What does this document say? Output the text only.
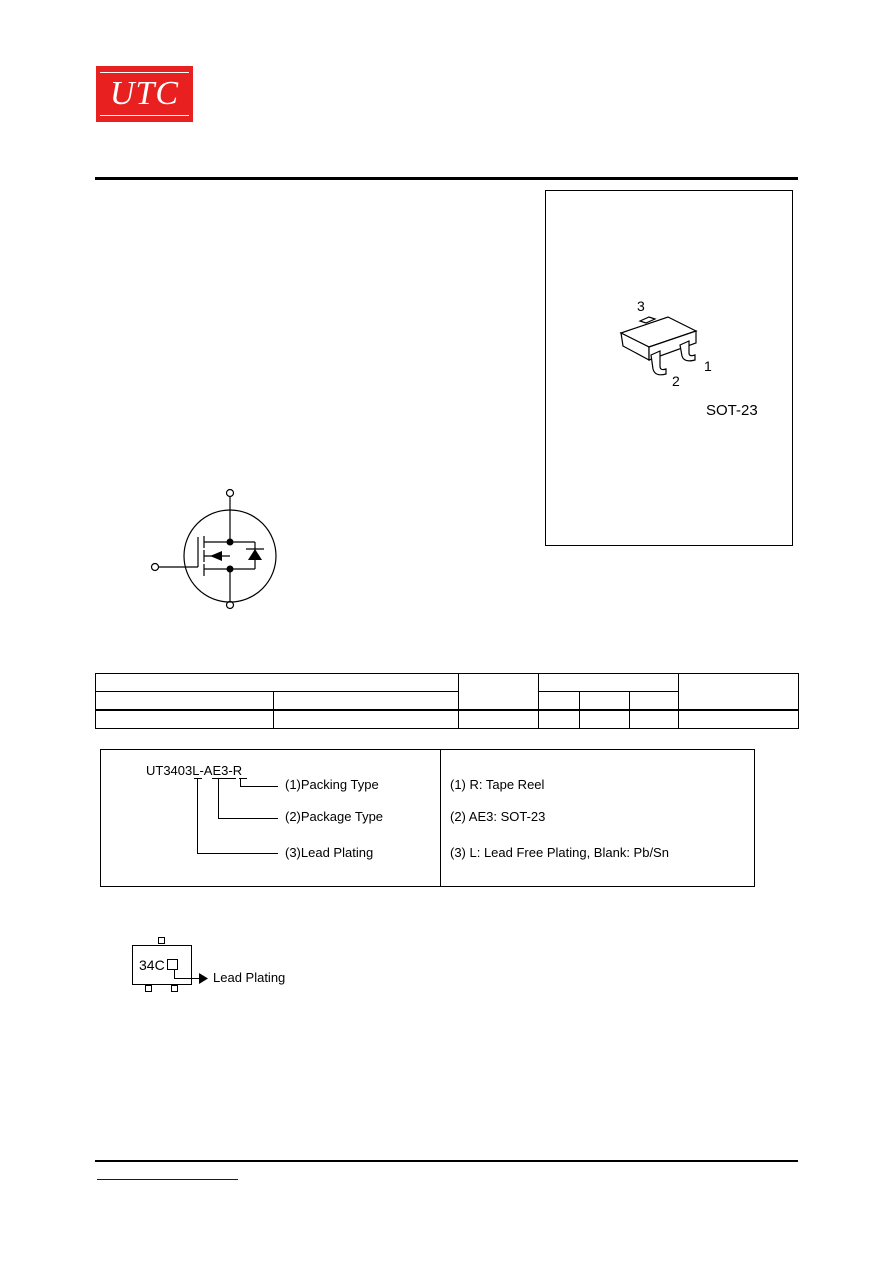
UTC
3
2
1
SOT-23

UT3403L-AE3-R
(1)Packing Type
(2)Package Type
(3)Lead Plating
(1) R: Tape Reel
(2) AE3: SOT-23
(3) L: Lead Free Plating, Blank: Pb/Sn
34C
Lead Plating
